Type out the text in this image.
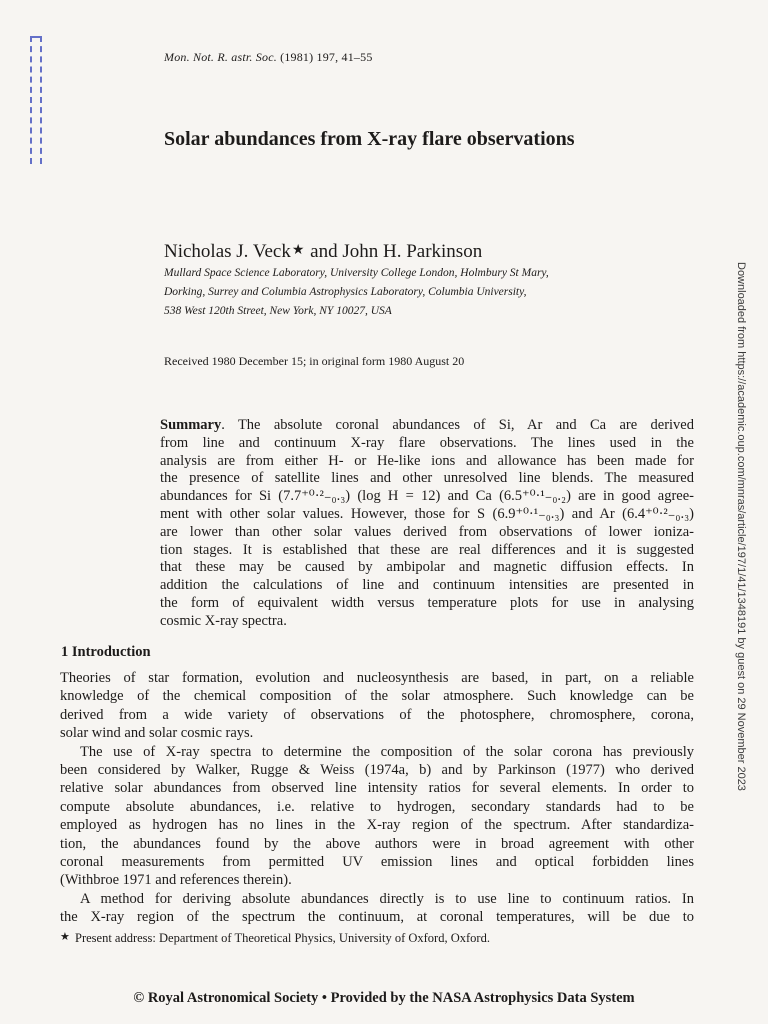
Mon. Not. R. astr. Soc. (1981) 197, 41–55
Solar abundances from X-ray flare observations
Nicholas J. Veck★ and John H. Parkinson
Mullard Space Science Laboratory, University College London, Holmbury St Mary,
Dorking, Surrey and Columbia Astrophysics Laboratory, Columbia University,
538 West 120th Street, New York, NY 10027, USA
Received 1980 December 15; in original form 1980 August 20
Summary. The absolute coronal abundances of Si, Ar and Ca are derived
from line and continuum X-ray flare observations. The lines used in the
analysis are from either H- or He-like ions and allowance has been made for
the presence of satellite lines and other unresolved line blends. The measured
abundances for Si (7.7⁺⁰·²₋₀.₃) (log H = 12) and Ca (6.5⁺⁰·¹₋₀.₂) are in good agree-
ment with other solar values. However, those for S (6.9⁺⁰·¹₋₀.₃) and Ar (6.4⁺⁰·²₋₀.₃)
are lower than other solar values derived from observations of lower ioniza-
tion stages. It is established that these are real differences and it is suggested
that these may be caused by ambipolar and magnetic diffusion effects. In
addition the calculations of line and continuum intensities are presented in
the form of equivalent width versus temperature plots for use in analysing
cosmic X-ray spectra.
1 Introduction
Theories of star formation, evolution and nucleosynthesis are based, in part, on a reliable
knowledge of the chemical composition of the solar atmosphere. Such knowledge can be
derived from a wide variety of observations of the photosphere, chromosphere, corona,
solar wind and solar cosmic rays.
The use of X-ray spectra to determine the composition of the solar corona has previously
been considered by Walker, Rugge & Weiss (1974a, b) and by Parkinson (1977) who derived
relative solar abundances from observed line intensity ratios for several elements. In order to
compute absolute abundances, i.e. relative to hydrogen, secondary standards had to be
employed as hydrogen has no lines in the X-ray region of the spectrum. After standardiza-
tion, the abundances found by the above authors were in broad agreement with other
coronal measurements from permitted UV emission lines and optical forbidden lines
(Withbroe 1971 and references therein).
A method for deriving absolute abundances directly is to use line to continuum ratios. In
the X-ray region of the spectrum the continuum, at coronal temperatures, will be due to
★ Present address: Department of Theoretical Physics, University of Oxford, Oxford.
© Royal Astronomical Society • Provided by the NASA Astrophysics Data System
Downloaded from https://academic.oup.com/mnras/article/197/1/41/1348191 by guest on 29 November 2023
